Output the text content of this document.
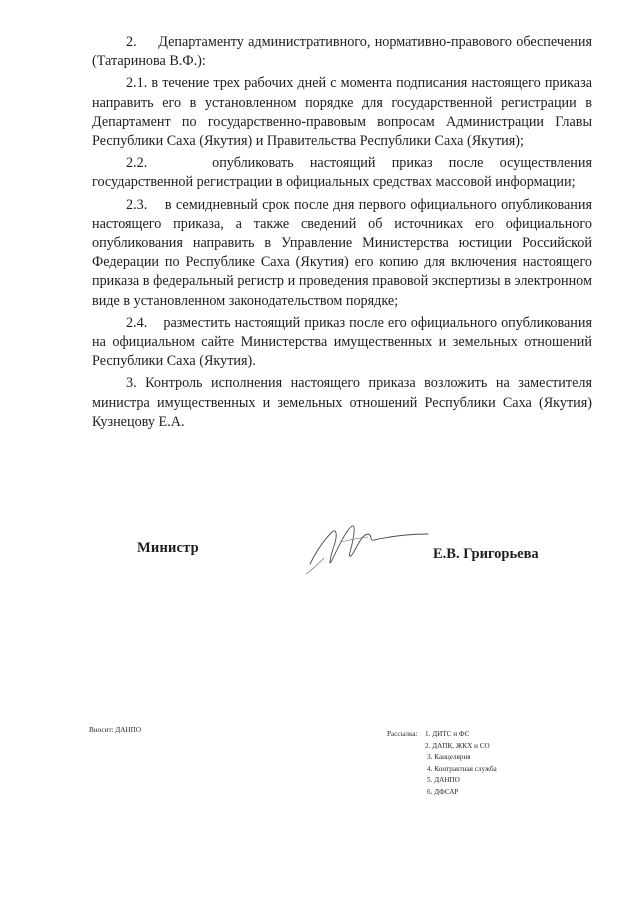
2.     Департаменту административного, нормативно-правового обеспечения (Татаринова В.Ф.):

2.1. в течение трех рабочих дней с момента подписания настоящего приказа направить его в установленном порядке для государственной регистрации в Департамент по государственно-правовым вопросам Администрации Главы Республики Саха (Якутия) и Правительства Республики Саха (Якутия);

2.2.    опубликовать настоящий приказ после осуществления государственной регистрации в официальных средствах массовой информации;

2.3.    в семидневный срок после дня первого официального опубликования настоящего приказа, а также сведений об источниках его официального опубликования направить в Управление Министерства юстиции Российской Федерации по Республике Саха (Якутия) его копию для включения настоящего приказа в федеральный регистр и проведения правовой экспертизы в электронном виде в установленном законодательством порядке;

2.4.    разместить настоящий приказ после его официального опубликования на официальном сайте Министерства имущественных и земельных отношений Республики Саха (Якутия).

3. Контроль исполнения настоящего приказа возложить на заместителя министра имущественных и земельных отношений Республики Саха (Якутия) Кузнецову Е.А.

Министр	Е.В. Григорьева
Вносит: ДАНПО	Рассылка: 1. ДИТС и ФС
2. ДАПК, ЖКХ и СО
3. Канцелярия
4. Контрактная служба
5. ДАНПО
6. ДФСАР
